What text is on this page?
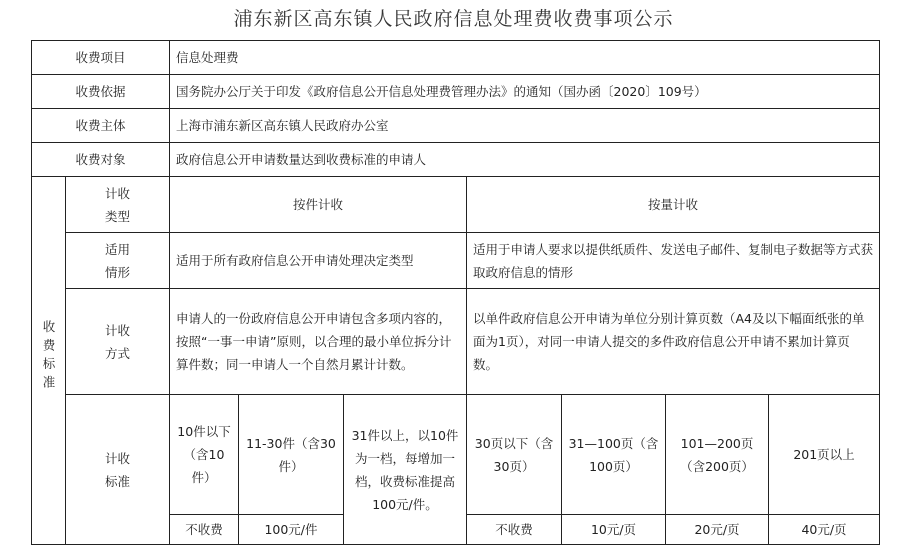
浦东新区高东镇人民政府信息处理费收费事项公示
收费项目		信息处理费						
收费依据		国务院办公厅关于印发《政府信息公开信息处理费管理办法》的通知（国办函〔2020〕109号）						
收费主体		上海市浦东新区高东镇人民政府办公室						
收费对象		政府信息公开申请数量达到收费标准的申请人						
收费标准	计收类型	按件计收			按量计收			
	适用情形	适用于所有政府信息公开申请处理决定类型			适用于申请人要求以提供纸质件、发送电子邮件、复制电子数据等方式获取政府信息的情形			
	计收方式	申请人的一份政府信息公开申请包含多项内容的，按照“一事一申请”原则，以合理的最小单位拆分计算件数；同一申请人一个自然月累计计数。			以单件政府信息公开申请为单位分别计算页数（A4及以下幅面纸张的单面为1页），对同一申请人提交的多件政府信息公开申请不累加计算页数。			
	计收标准	10件以下（含10件）	11-30件（含30件）	31件以上，以10件为一档，每增加一档，收费标准提高100元/件。	30页以下（含30页）	31—100页（含100页）	101—200页（含200页）	201页以上
		不收费	100元/件		不收费	10元/页	20元/页	40元/页
